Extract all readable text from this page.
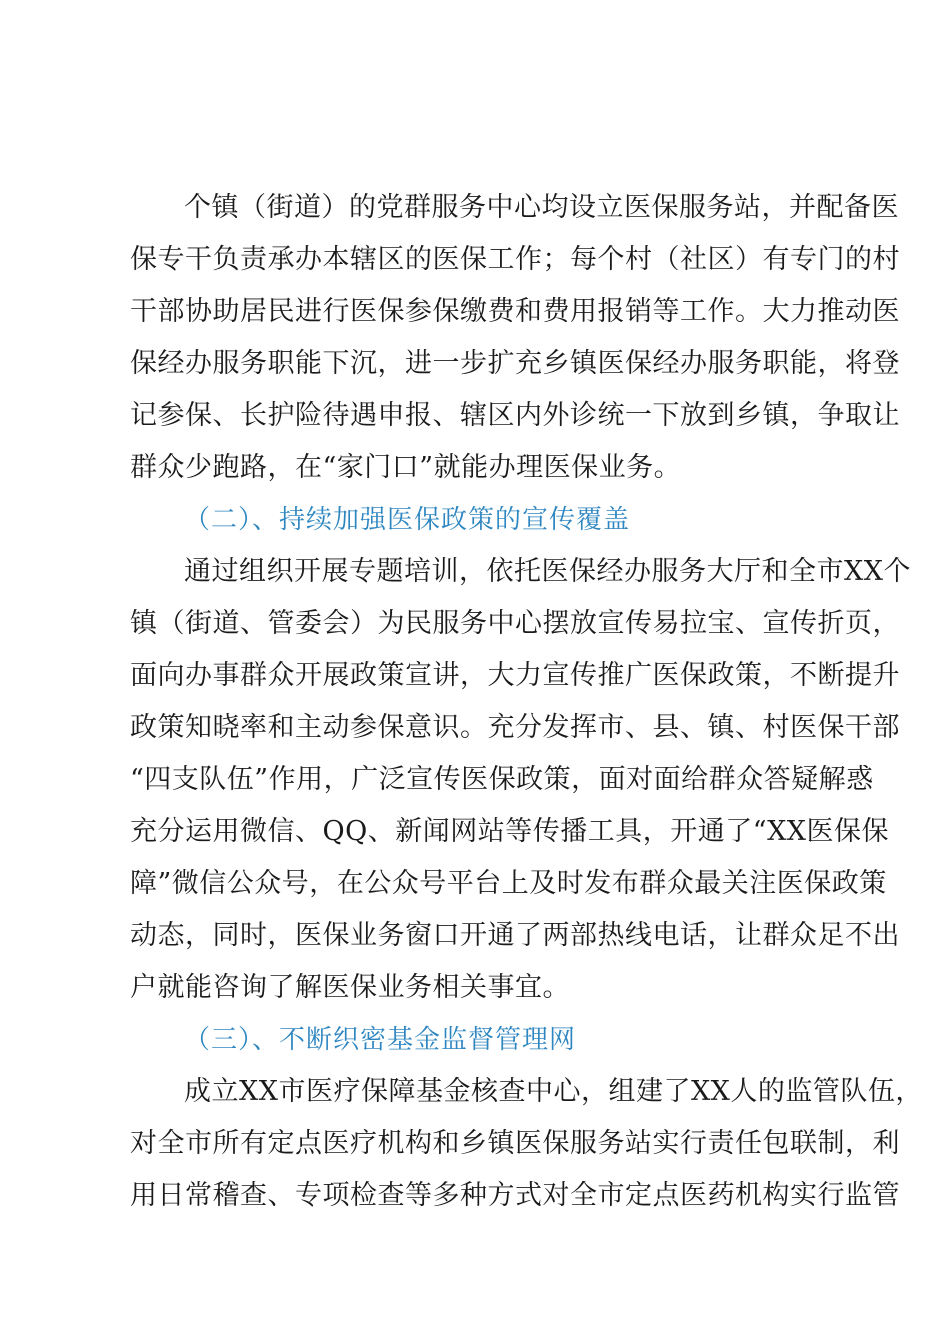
个镇（街道）的党群服务中心均设立医保服务站，并配备医
保专干负责承办本辖区的医保工作；每个村（社区）有专门的村
干部协助居民进行医保参保缴费和费用报销等工作。大力推动医
保经办服务职能下沉，进一步扩充乡镇医保经办服务职能，将登
记参保、长护险待遇申报、辖区内外诊统一下放到乡镇，争取让
群众少跑路，在“家门口”就能办理医保业务。
（二）、持续加强医保政策的宣传覆盖
通过组织开展专题培训，依托医保经办服务大厅和全市XX个
镇（街道、管委会）为民服务中心摆放宣传易拉宝、宣传折页，
面向办事群众开展政策宣讲，大力宣传推广医保政策，不断提升
政策知晓率和主动参保意识。充分发挥市、县、镇、村医保干部
“四支队伍”作用，广泛宣传医保政策，面对面给群众答疑解惑
充分运用微信、QQ、新闻网站等传播工具，开通了“XX医保保
障”微信公众号，在公众号平台上及时发布群众最关注医保政策
动态，同时，医保业务窗口开通了两部热线电话，让群众足不出
户就能咨询了解医保业务相关事宜。
（三）、不断织密基金监督管理网
成立XX市医疗保障基金核查中心，组建了XX人的监管队伍，
对全市所有定点医疗机构和乡镇医保服务站实行责任包联制，利
用日常稽查、专项检查等多种方式对全市定点医药机构实行监管
